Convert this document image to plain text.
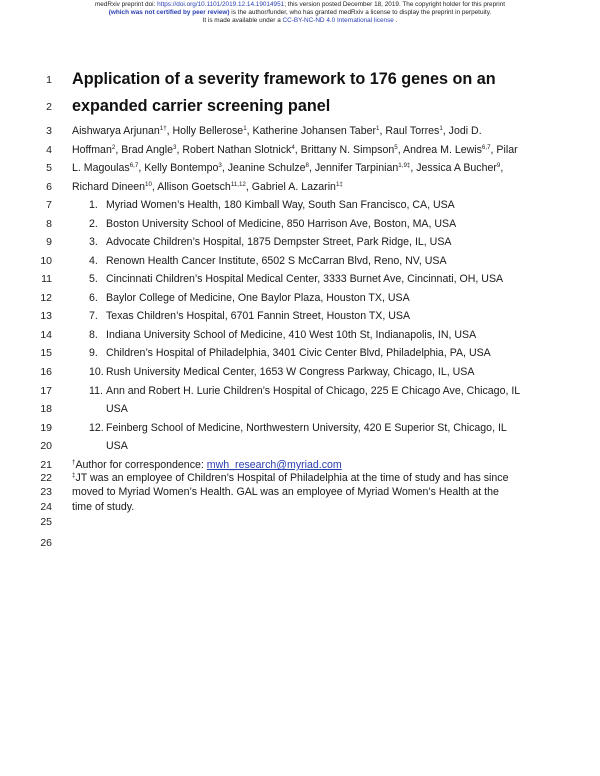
medRxiv preprint doi: https://doi.org/10.1101/2019.12.14.19014951; this version posted December 18, 2019. The copyright holder for this preprint
(which was not certified by peer review) is the author/funder, who has granted medRxiv a license to display the preprint in perpetuity.
It is made available under a CC-BY-NC-ND 4.0 International license .
1
2
3
4
5
6
7
8
9
10
11
12
13
14
15
16
17
18
19
20
21
22
23
24
25
26
Application of a severity framework to 176 genes on an
expanded carrier screening panel
Aishwarya Arjunan$^{1\dagger}$, Holly Bellerose$^1$, Katherine Johansen Taber$^1$, Raul Torres$^1$, Jodi D.
Hoffman$^2$, Brad Angle$^3$, Robert Nathan Slotnick$^4$, Brittany N. Simpson$^5$, Andrea M. Lewis$^{6,7}$, Pilar
L. Magoulas$^{6,7}$, Kelly Bontempo$^3$, Jeanine Schulze$^8$, Jennifer Tarpinian$^{1,9\ddagger}$, Jessica A Bucher$^9$,
Richard Dineen$^{10}$, Allison Goetsch$^{11,12}$, Gabriel A. Lazarin$^{1\ddagger}$
1. Myriad Women’s Health, 180 Kimball Way, South San Francisco, CA, USA
2. Boston University School of Medicine, 850 Harrison Ave, Boston, MA, USA
3. Advocate Children’s Hospital, 1875 Dempster Street, Park Ridge, IL, USA
4. Renown Health Cancer Institute, 6502 S McCarran Blvd, Reno, NV, USA
5. Cincinnati Children’s Hospital Medical Center, 3333 Burnet Ave, Cincinnati, OH, USA
6. Baylor College of Medicine, One Baylor Plaza, Houston TX, USA
7. Texas Children’s Hospital, 6701 Fannin Street, Houston TX, USA
8. Indiana University School of Medicine, 410 West 10th St, Indianapolis, IN, USA
9. Children’s Hospital of Philadelphia, 3401 Civic Center Blvd, Philadelphia, PA, USA
10. Rush University Medical Center, 1653 W Congress Parkway, Chicago, IL, USA
11. Ann and Robert H. Lurie Children’s Hospital of Chicago, 225 E Chicago Ave, Chicago, IL
USA
12. Feinberg School of Medicine, Northwestern University, 420 E Superior St, Chicago, IL
USA
†Author for correspondence: mwh_research@myriad.com
‡JT was an employee of Children’s Hospital of Philadelphia at the time of study and has since
moved to Myriad Women’s Health. GAL was an employee of Myriad Women’s Health at the
time of study.
